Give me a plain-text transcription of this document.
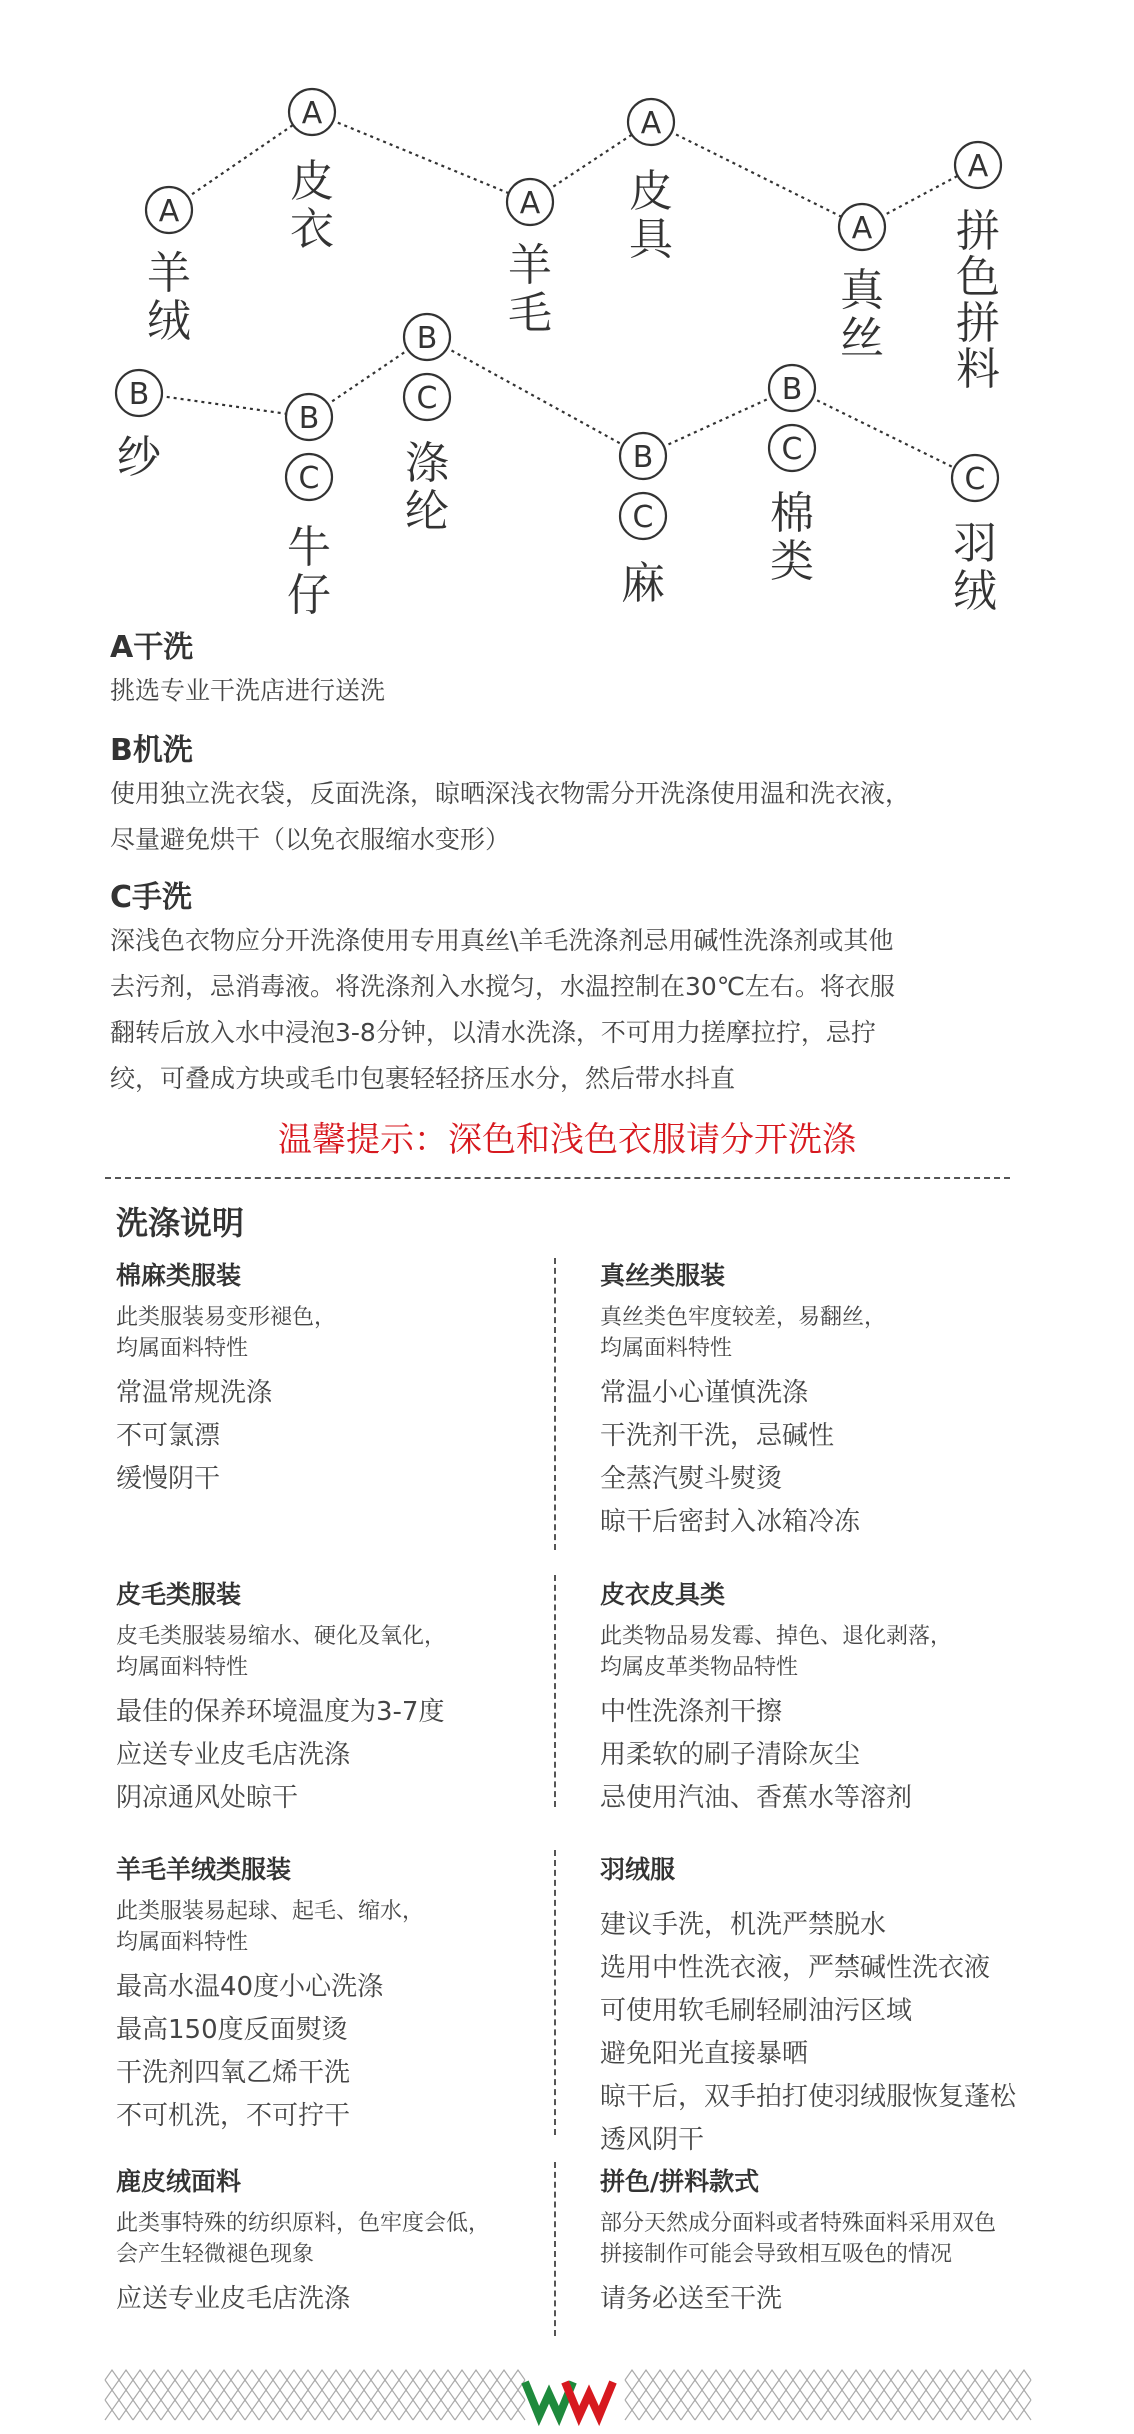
A
羊
绒
A
皮
衣
A
羊
毛
A
皮
具	A
真
丝
A
拼
色
拼
料
B
纱
B
C
牛
仔
B
C
涤
纶
B
C
麻
B
C
棉
类
C
羽
绒
A干洗
挑选专业干洗店进行送洗
B机洗
使用独立洗衣袋，反面洗涤，晾晒深浅衣物需分开洗涤使用温和洗衣液，
尽量避免烘干（以免衣服缩水变形）
C手洗
深浅色衣物应分开洗涤使用专用真丝\羊毛洗涤剂忌用碱性洗涤剂或其他
去污剂，忌消毒液。将洗涤剂入水搅匀，水温控制在30℃左右。将衣服
翻转后放入水中浸泡3-8分钟，以清水洗涤，不可用力搓摩拉拧，忌拧
绞，可叠成方块或毛巾包裹轻轻挤压水分，然后带水抖直
温馨提示：深色和浅色衣服请分开洗涤
洗涤说明
棉麻类服装
此类服装易变形褪色，
均属面料特性
常温常规洗涤
不可氯漂
缓慢阴干
真丝类服装
真丝类色牢度较差，易翻丝，
均属面料特性
常温小心谨慎洗涤
干洗剂干洗，忌碱性
全蒸汽熨斗熨烫
晾干后密封入冰箱冷冻
皮毛类服装
皮毛类服装易缩水、硬化及氧化，
均属面料特性
最佳的保养环境温度为3-7度
应送专业皮毛店洗涤
阴凉通风处晾干
皮衣皮具类
此类物品易发霉、掉色、退化剥落，
均属皮革类物品特性
中性洗涤剂干擦
用柔软的刷子清除灰尘
忌使用汽油、香蕉水等溶剂
羊毛羊绒类服装
此类服装易起球、起毛、缩水，
均属面料特性
最高水温40度小心洗涤
最高150度反面熨烫
干洗剂四氧乙烯干洗
不可机洗，不可拧干
羽绒服
建议手洗，机洗严禁脱水
选用中性洗衣液，严禁碱性洗衣液
可使用软毛刷轻刷油污区域
避免阳光直接暴晒
晾干后，双手拍打使羽绒服恢复蓬松
透风阴干
鹿皮绒面料
此类事特殊的纺织原料，色牢度会低，
会产生轻微褪色现象
应送专业皮毛店洗涤
拼色/拼料款式
部分天然成分面料或者特殊面料采用双色
拼接制作可能会导致相互吸色的情况
请务必送至干洗
